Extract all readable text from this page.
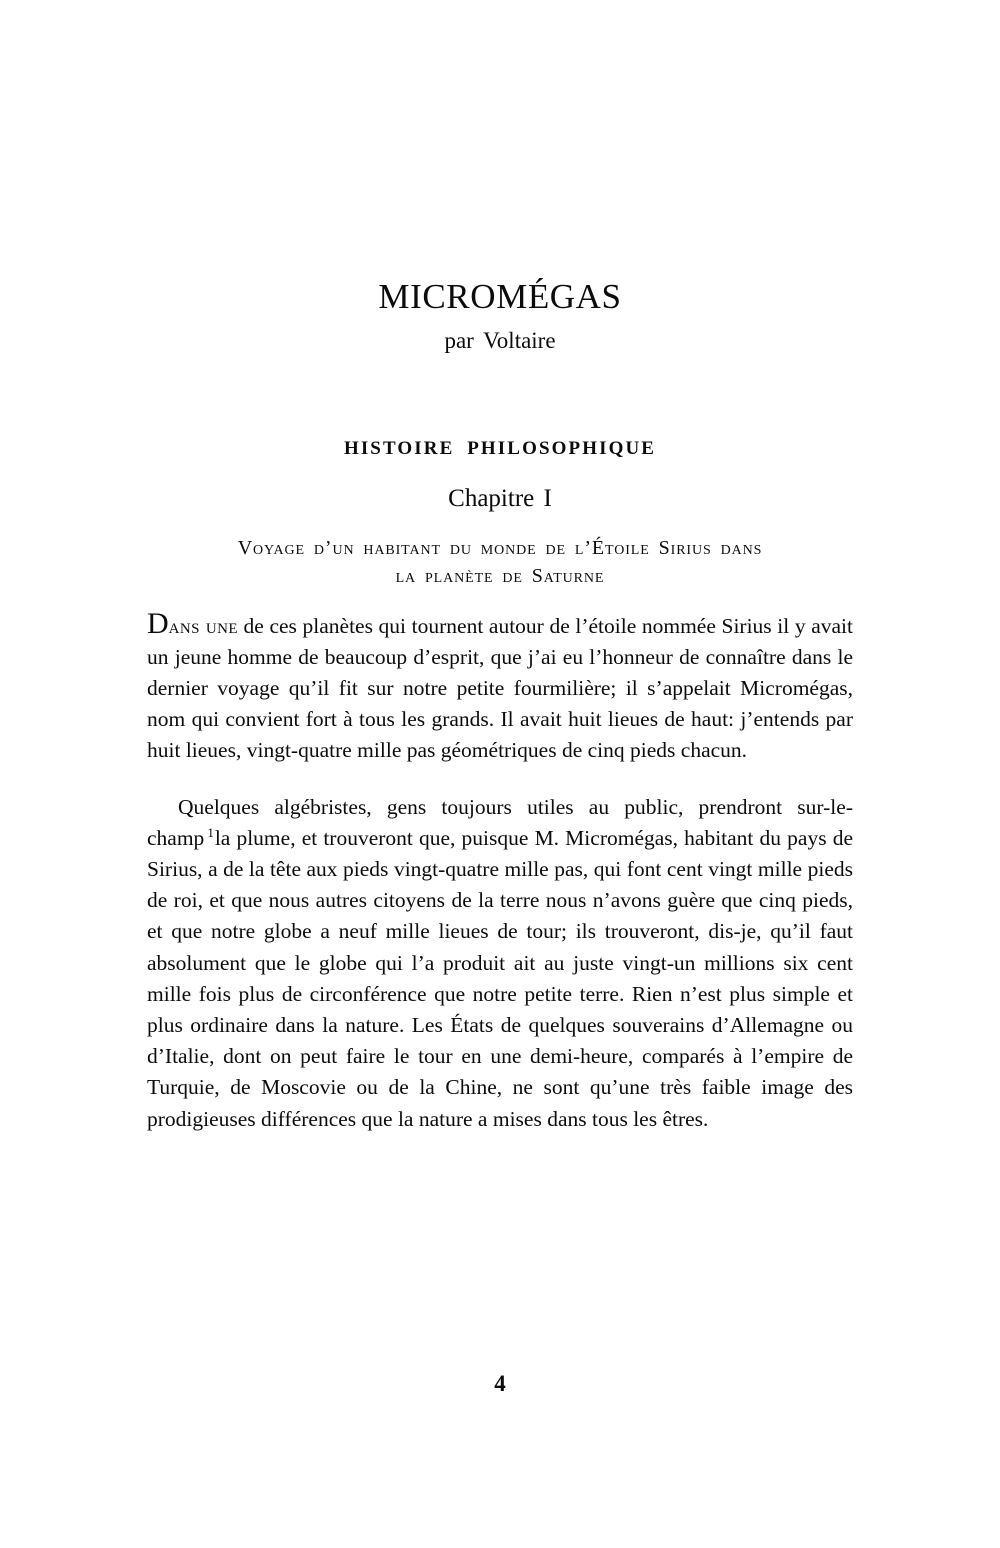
MICROMÉGAS

par Voltaire

HISTOIRE PHILOSOPHIQUE
Chapitre I

Voyage d’un habitant du monde de l’Étoile Sirius dans
la planète de Saturne

Dans une de ces planètes qui tournent autour de l’étoile nommée Sirius il y avait un jeune homme de beaucoup d’esprit, que j’ai eu l’honneur de connaître dans le dernier voyage qu’il fit sur notre petite fourmilière; il s’appelait Micromégas, nom qui convient fort à tous les grands. Il avait huit lieues de haut: j’entends par huit lieues, vingt-quatre mille pas géométriques de cinq pieds chacun.

Quelques algébristes, gens toujours utiles au public, prendront sur-le-champ $^1$la plume, et trouveront que, puisque M. Micromégas, habitant du pays de Sirius, a de la tête aux pieds vingt-quatre mille pas, qui font cent vingt mille pieds de roi, et que nous autres citoyens de la terre nous n’avons guère que cinq pieds, et que notre globe a neuf mille lieues de tour; ils trouveront, dis-je, qu’il faut absolument que le globe qui l’a produit ait au juste vingt-un millions six cent mille fois plus de circonférence que notre petite terre. Rien n’est plus simple et plus ordinaire dans la nature. Les États de quelques souverains d’Allemagne ou d’Italie, dont on peut faire le tour en une demi-heure, comparés à l’empire de Turquie, de Moscovie ou de la Chine, ne sont qu’une très faible image des prodigieuses différences que la nature a mises dans tous les êtres.

4
